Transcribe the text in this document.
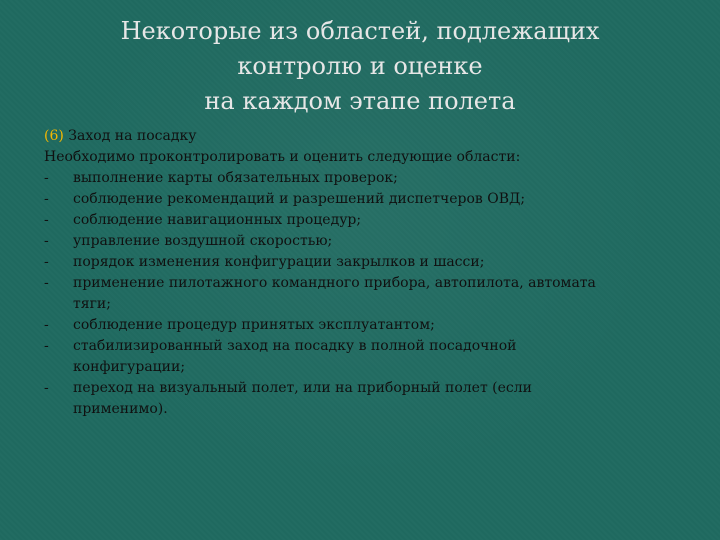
Некоторые из областей, подлежащих
контролю и оценке
на каждом этапе полета

(6) Заход на посадку

Необходимо проконтролировать и оценить следующие области:

- выполнение карты обязательных проверок;
- соблюдение рекомендаций и разрешений диспетчеров ОВД;
- соблюдение навигационных процедур;
- управление воздушной скоростью;
- порядок изменения конфигурации закрылков и шасси;
- применение пилотажного командного прибора, автопилота, автомата
тяги;
- соблюдение процедур принятых эксплуатантом;
- стабилизированный заход на посадку в полной посадочной
конфигурации;
- переход на визуальный полет, или на приборный полет (если
применимо).
